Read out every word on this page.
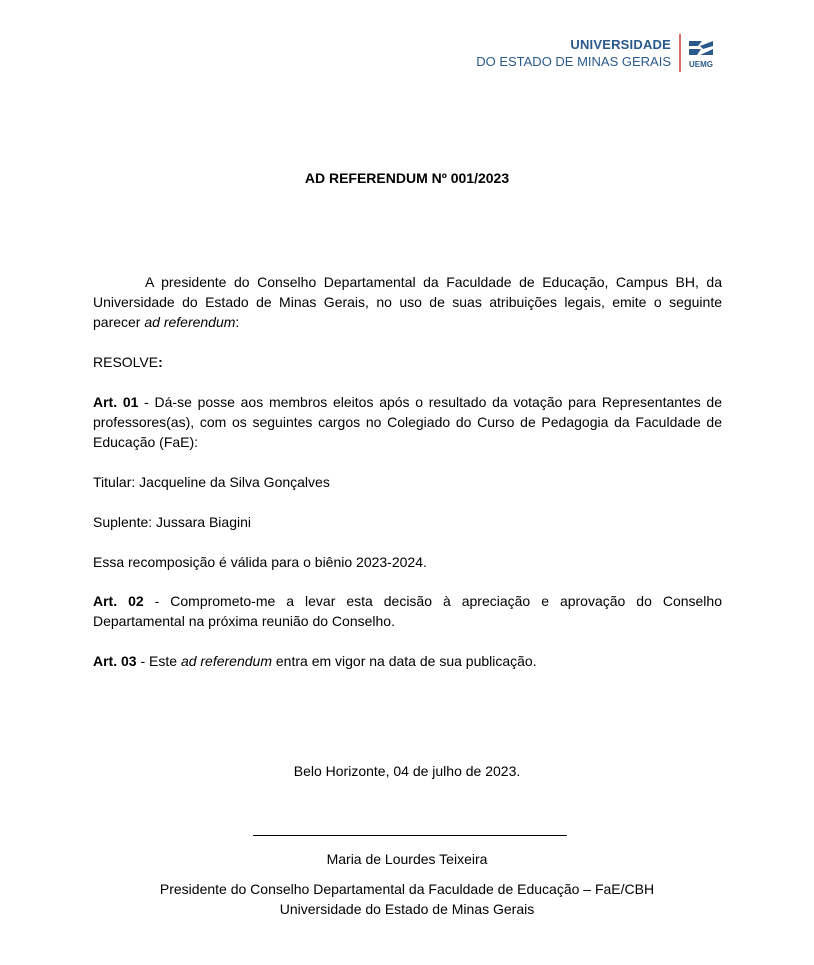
UNIVERSIDADE
DO ESTADO DE MINAS GERAIS UEMG
AD REFERENDUM Nº 001/2023
A presidente do Conselho Departamental da Faculdade de Educação, Campus BH, da Universidade do Estado de Minas Gerais, no uso de suas atribuições legais, emite o seguinte parecer ad referendum:
RESOLVE:
Art. 01 - Dá-se posse aos membros eleitos após o resultado da votação para Representantes de professores(as), com os seguintes cargos no Colegiado do Curso de Pedagogia da Faculdade de Educação (FaE):
Titular: Jacqueline da Silva Gonçalves
Suplente: Jussara Biagini
Essa recomposição é válida para o biênio 2023-2024.
Art. 02 - Comprometo-me a levar esta decisão à apreciação e aprovação do Conselho Departamental na próxima reunião do Conselho.
Art. 03 - Este ad referendum entra em vigor na data de sua publicação.
Belo Horizonte, 04 de julho de 2023.
Maria de Lourdes Teixeira
Presidente do Conselho Departamental da Faculdade de Educação – FaE/CBH
Universidade do Estado de Minas Gerais
